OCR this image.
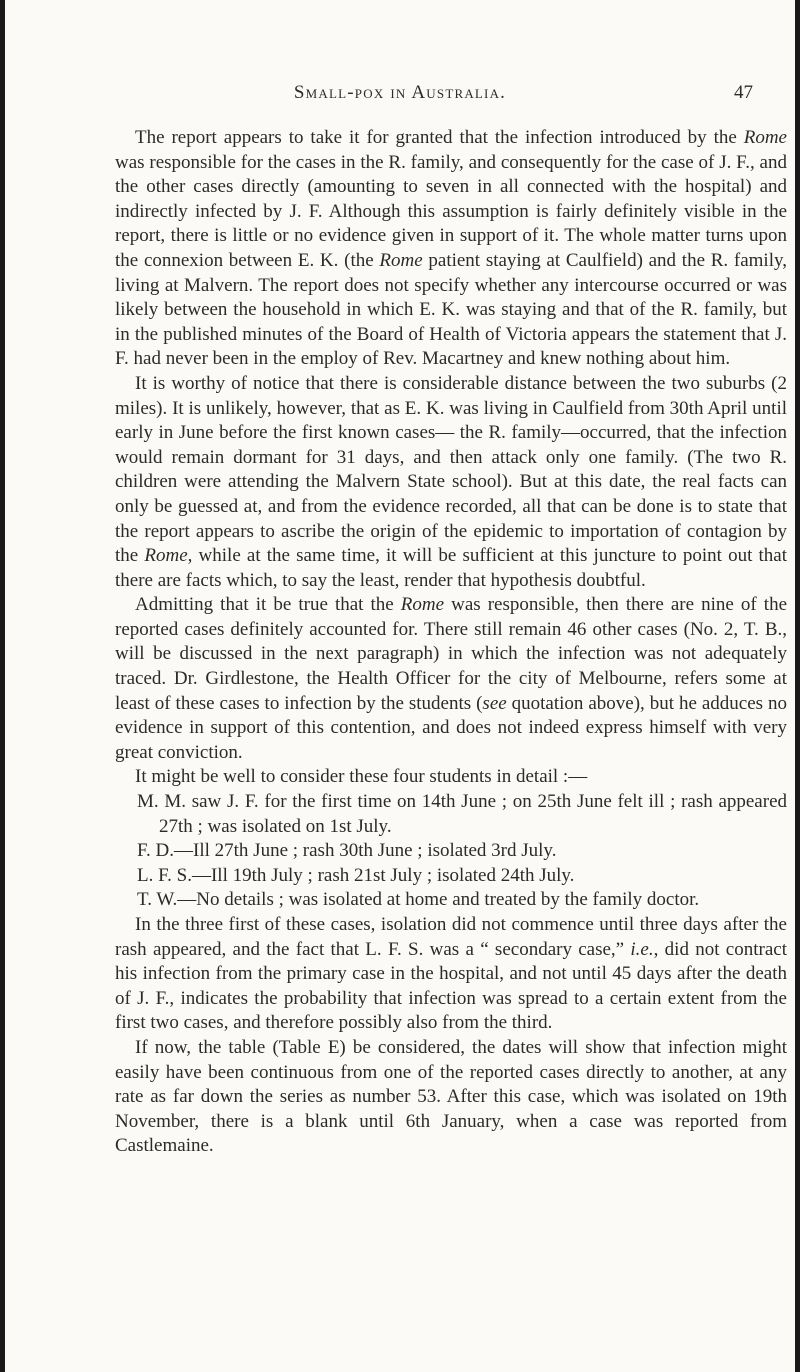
Small-pox in Australia.	47

The report appears to take it for granted that the infection introduced by the Rome was responsible for the cases in the R. family, and consequently for the case of J. F., and the other cases directly (amounting to seven in all connected with the hospital) and indirectly infected by J. F. Although this assumption is fairly definitely visible in the report, there is little or no evidence given in support of it. The whole matter turns upon the connexion between E. K. (the Rome patient staying at Caulfield) and the R. family, living at Malvern. The report does not specify whether any intercourse occurred or was likely between the household in which E. K. was staying and that of the R. family, but in the published minutes of the Board of Health of Victoria appears the statement that J. F. had never been in the employ of Rev. Macartney and knew nothing about him.

It is worthy of notice that there is considerable distance between the two suburbs (2 miles). It is unlikely, however, that as E. K. was living in Caulfield from 30th April until early in June before the first known cases— the R. family—occurred, that the infection would remain dormant for 31 days, and then attack only one family. (The two R. children were attending the Malvern State school). But at this date, the real facts can only be guessed at, and from the evidence recorded, all that can be done is to state that the report appears to ascribe the origin of the epidemic to importation of contagion by the Rome, while at the same time, it will be sufficient at this juncture to point out that there are facts which, to say the least, render that hypothesis doubtful.

Admitting that it be true that the Rome was responsible, then there are nine of the reported cases definitely accounted for. There still remain 46 other cases (No. 2, T. B., will be discussed in the next paragraph) in which the infection was not adequately traced. Dr. Girdlestone, the Health Officer for the city of Melbourne, refers some at least of these cases to infection by the students (see quotation above), but he adduces no evidence in support of this contention, and does not indeed express himself with very great conviction.

It might be well to consider these four students in detail :—

M. M. saw J. F. for the first time on 14th June ; on 25th June felt ill ; rash appeared 27th ; was isolated on 1st July.

F. D.—Ill 27th June ; rash 30th June ; isolated 3rd July.

L. F. S.—Ill 19th July ; rash 21st July ; isolated 24th July.

T. W.—No details ; was isolated at home and treated by the family doctor.

In the three first of these cases, isolation did not commence until three days after the rash appeared, and the fact that L. F. S. was a “ secondary case,” i.e., did not contract his infection from the primary case in the hospital, and not until 45 days after the death of J. F., indicates the probability that infection was spread to a certain extent from the first two cases, and therefore possibly also from the third.

If now, the table (Table E) be considered, the dates will show that infection might easily have been continuous from one of the reported cases directly to another, at any rate as far down the series as number 53. After this case, which was isolated on 19th November, there is a blank until 6th January, when a case was reported from Castlemaine.
